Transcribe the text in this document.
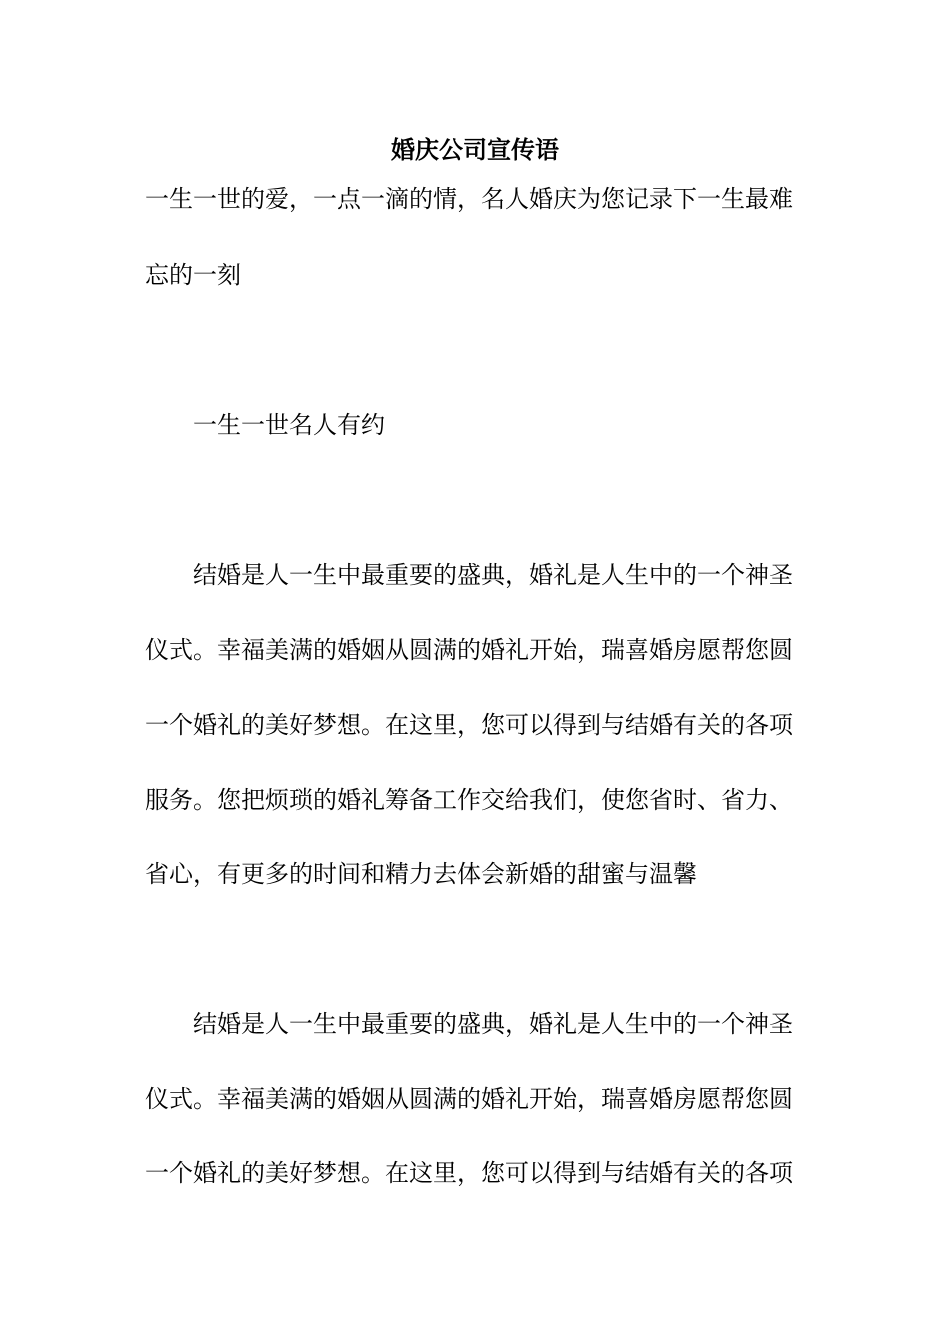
婚庆公司宣传语

一生一世的爱，一点一滴的情，名人婚庆为您记录下一生最难

忘的一刻

一生一世名人有约

结婚是人一生中最重要的盛典，婚礼是人生中的一个神圣

仪式。幸福美满的婚姻从圆满的婚礼开始，瑞喜婚房愿帮您圆

一个婚礼的美好梦想。在这里，您可以得到与结婚有关的各项

服务。您把烦琐的婚礼筹备工作交给我们，使您省时、省力、

省心，有更多的时间和精力去体会新婚的甜蜜与温馨

结婚是人一生中最重要的盛典，婚礼是人生中的一个神圣

仪式。幸福美满的婚姻从圆满的婚礼开始，瑞喜婚房愿帮您圆

一个婚礼的美好梦想。在这里，您可以得到与结婚有关的各项
